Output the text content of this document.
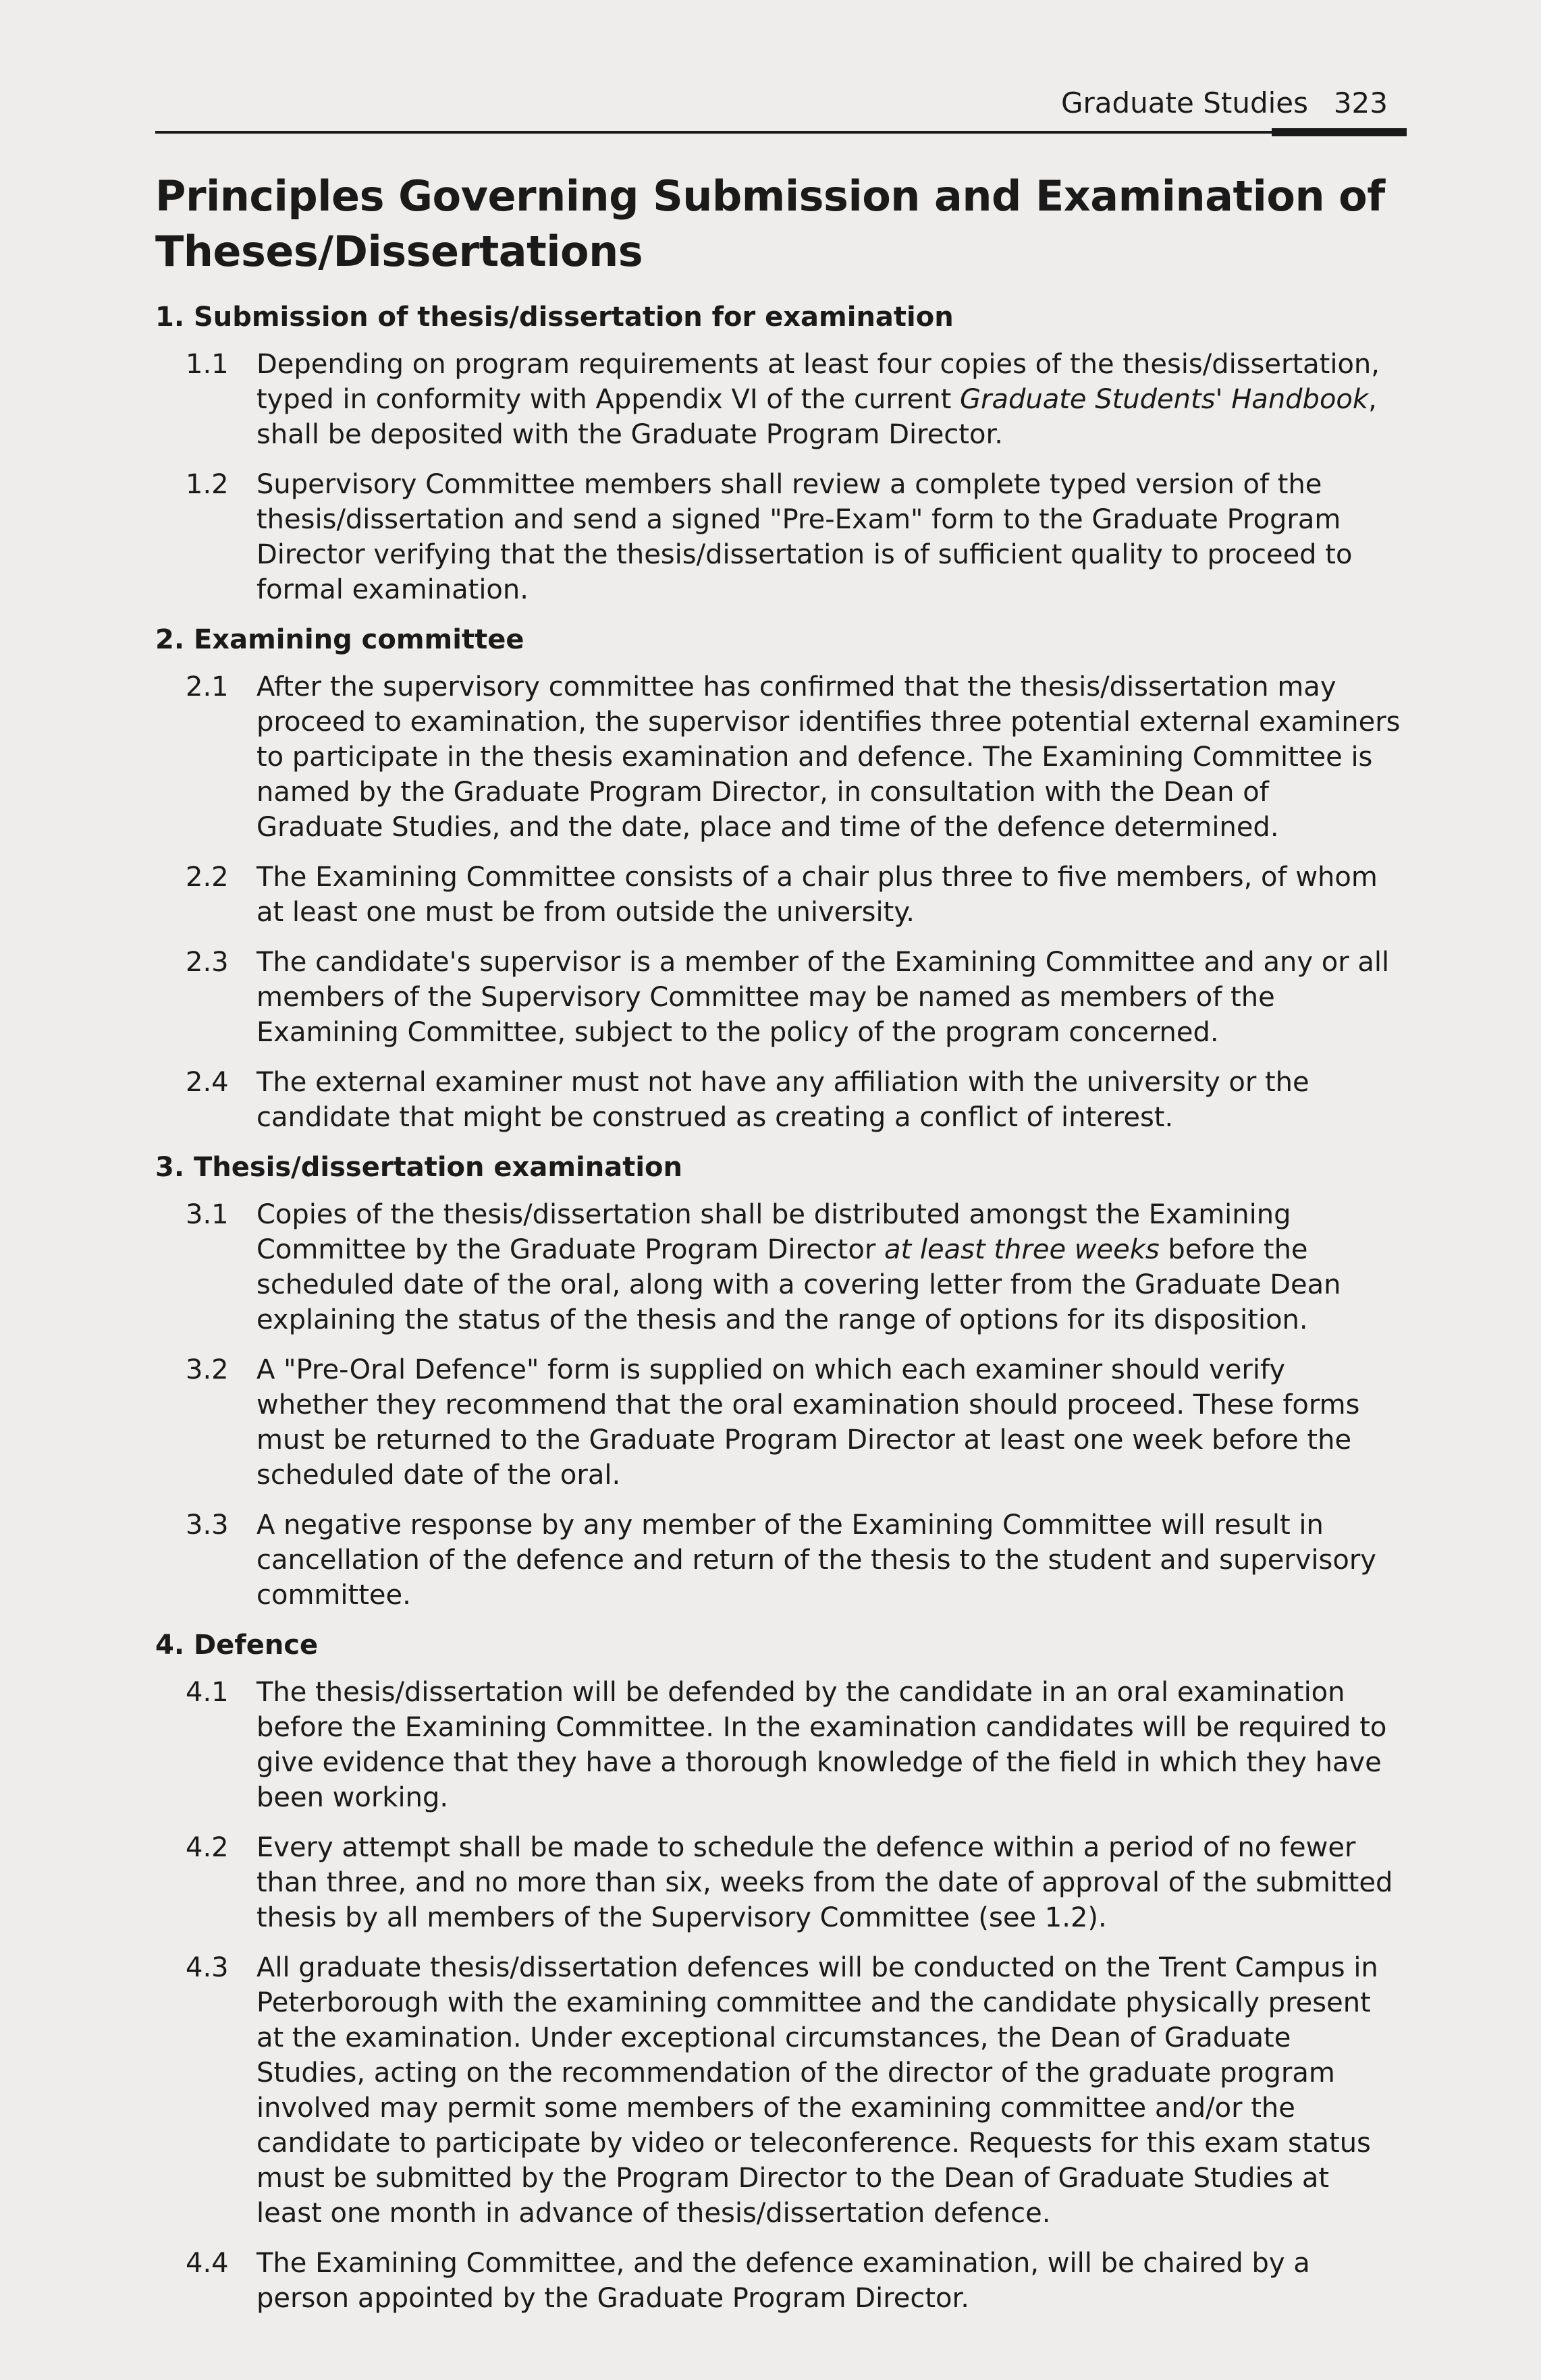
Graduate Studies 323
Principles Governing Submission and Examination of
Theses/Dissertations
1. Submission of thesis/dissertation for examination
1.1	Depending on program requirements at least four copies of the thesis/dissertation, typed in conformity with Appendix VI of the current Graduate Students' Handbook, shall be deposited with the Graduate Program Director.
1.2	Supervisory Committee members shall review a complete typed version of the thesis/dissertation and send a signed "Pre-Exam" form to the Graduate Program Director verifying that the thesis/dissertation is of sufficient quality to proceed to formal examination.
2. Examining committee
2.1	After the supervisory committee has confirmed that the thesis/dissertation may proceed to examination, the supervisor identifies three potential external examiners to participate in the thesis examination and defence. The Examining Committee is named by the Graduate Program Director, in consultation with the Dean of Graduate Studies, and the date, place and time of the defence determined.
2.2	The Examining Committee consists of a chair plus three to five members, of whom at least one must be from outside the university.
2.3	The candidate's supervisor is a member of the Examining Committee and any or all members of the Supervisory Committee may be named as members of the Examining Committee, subject to the policy of the program concerned.
2.4	The external examiner must not have any affiliation with the university or the candidate that might be construed as creating a conflict of interest.
3. Thesis/dissertation examination
3.1	Copies of the thesis/dissertation shall be distributed amongst the Examining Committee by the Graduate Program Director at least three weeks before the scheduled date of the oral, along with a covering letter from the Graduate Dean explaining the status of the thesis and the range of options for its disposition.
3.2	A "Pre-Oral Defence" form is supplied on which each examiner should verify whether they recommend that the oral examination should proceed. These forms must be returned to the Graduate Program Director at least one week before the scheduled date of the oral.
3.3	A negative response by any member of the Examining Committee will result in cancellation of the defence and return of the thesis to the student and supervisory committee.
4. Defence
4.1	The thesis/dissertation will be defended by the candidate in an oral examination before the Examining Committee. In the examination candidates will be required to give evidence that they have a thorough knowledge of the field in which they have been working.
4.2	Every attempt shall be made to schedule the defence within a period of no fewer than three, and no more than six, weeks from the date of approval of the submitted thesis by all members of the Supervisory Committee (see 1.2).
4.3	All graduate thesis/dissertation defences will be conducted on the Trent Campus in Peterborough with the examining committee and the candidate physically present at the examination. Under exceptional circumstances, the Dean of Graduate Studies, acting on the recommendation of the director of the graduate program involved may permit some members of the examining committee and/or the candidate to participate by video or teleconference. Requests for this exam status must be submitted by the Program Director to the Dean of Graduate Studies at least one month in advance of thesis/dissertation defence.
4.4	The Examining Committee, and the defence examination, will be chaired by a person appointed by the Graduate Program Director.
